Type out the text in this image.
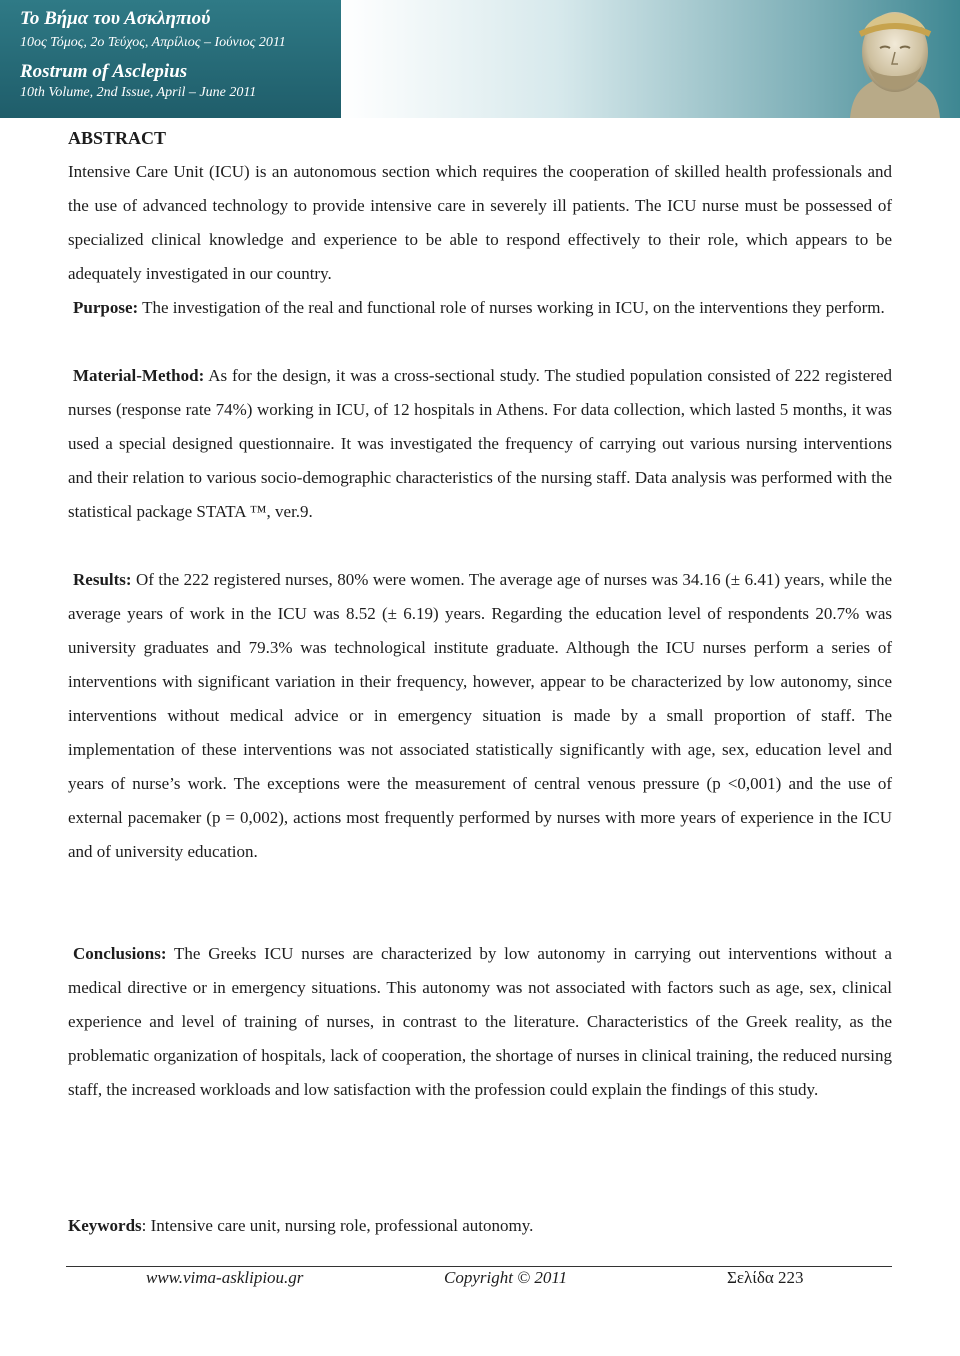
Το Βήμα του Ασκληπιού
10ος Τόμος, 2ο Τεύχος, Απρίλιος – Ιούνιος 2011
Rostrum of Asclepius
10th Volume, 2nd Issue, April – June 2011
ABSTRACT

Intensive Care Unit (ICU) is an autonomous section which requires the cooperation of skilled health professionals and the use of advanced technology to provide intensive care in severely ill patients. The ICU nurse must be possessed of specialized clinical knowledge and experience to be able to respond effectively to their role, which appears to be adequately investigated in our country.

Purpose: The investigation of the real and functional role of nurses working in ICU, on the interventions they perform.

Material-Method: As for the design, it was a cross-sectional study. The studied population consisted of 222 registered nurses (response rate 74%) working in ICU, of 12 hospitals in Athens. For data collection, which lasted 5 months, it was used a special designed questionnaire. It was investigated the frequency of carrying out various nursing interventions and their relation to various socio-demographic characteristics of the nursing staff. Data analysis was performed with the statistical package STATA ™, ver.9.

Results: Of the 222 registered nurses, 80% were women. The average age of nurses was 34.16 (± 6.41) years, while the average years of work in the ICU was 8.52 (± 6.19) years. Regarding the education level of respondents 20.7% was university graduates and 79.3% was technological institute graduate. Although the ICU nurses perform a series of interventions with significant variation in their frequency, however, appear to be characterized by low autonomy, since interventions without medical advice or in emergency situation is made by a small proportion of staff. The implementation of these interventions was not associated statistically significantly with age, sex, education level and years of nurse’s work. The exceptions were the measurement of central venous pressure (p <0,001) and the use of external pacemaker (p = 0,002), actions most frequently performed by nurses with more years of experience in the ICU and of university education.

Conclusions: The Greeks ICU nurses are characterized by low autonomy in carrying out interventions without a medical directive or in emergency situations. This autonomy was not associated with factors such as age, sex, clinical experience and level of training of nurses, in contrast to the literature. Characteristics of the Greek reality, as the problematic organization of hospitals, lack of cooperation, the shortage of nurses in clinical training, the reduced nursing staff, the increased workloads and low satisfaction with the profession could explain the findings of this study.

Keywords: Intensive care unit, nursing role, professional autonomy.

www.vima-asklipiou.gr	Copyright © 2011	Σελίδα 223
